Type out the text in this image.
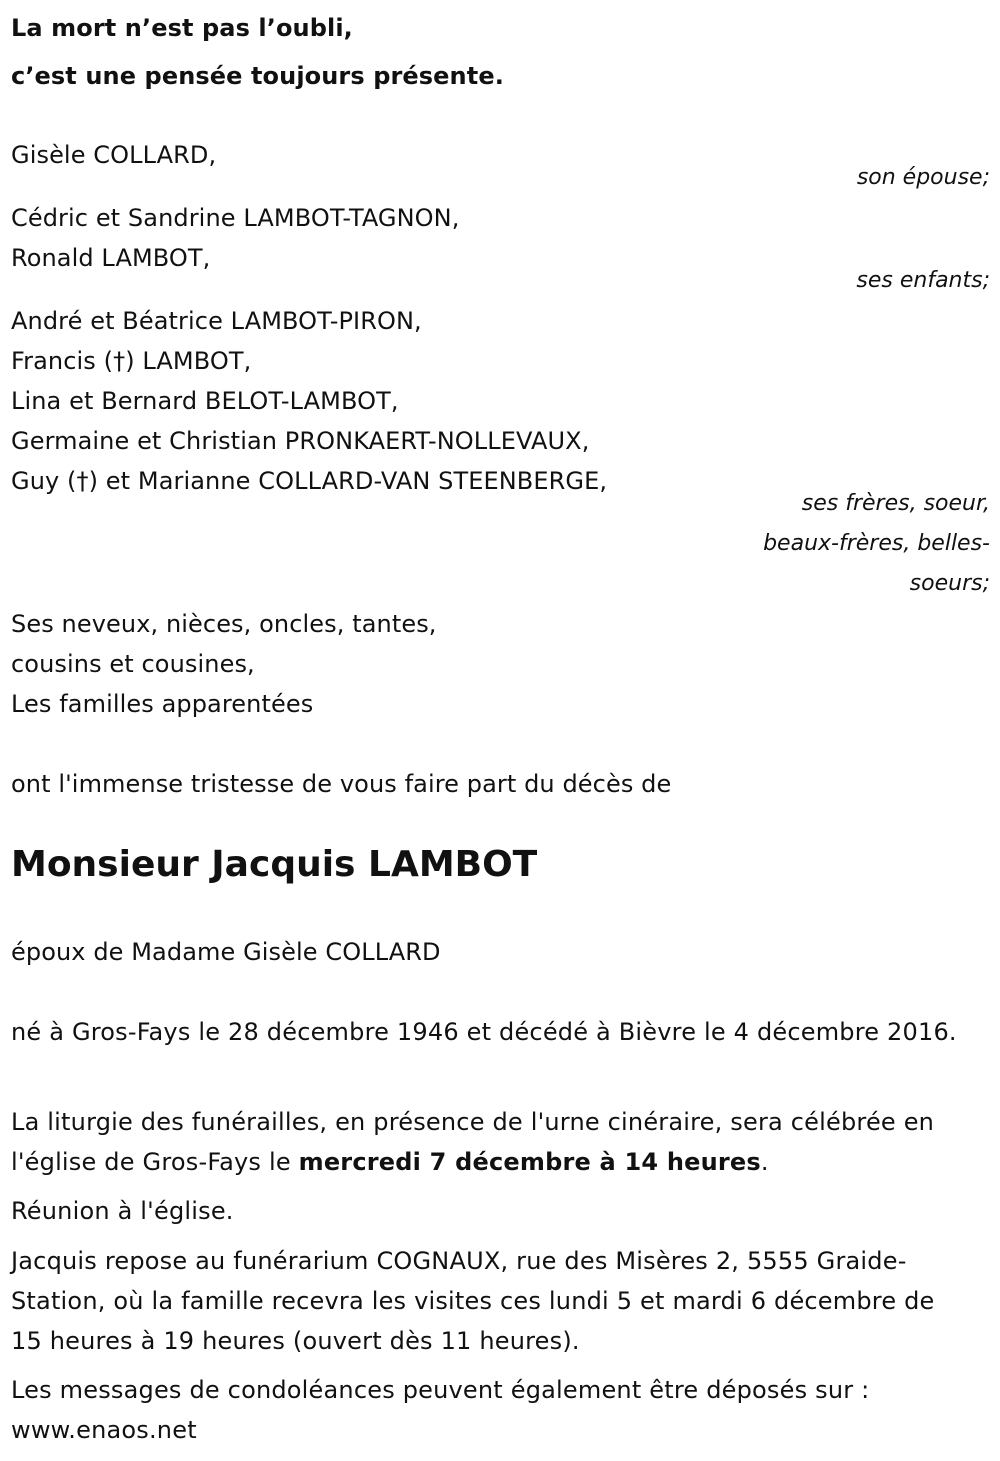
La mort n’est pas l’oubli,
c’est une pensée toujours présente.
Gisèle COLLARD,
son épouse;
Cédric et Sandrine LAMBOT-TAGNON,
Ronald LAMBOT,
ses enfants;
André et Béatrice LAMBOT-PIRON,
Francis (†) LAMBOT,
Lina et Bernard BELOT-LAMBOT,
Germaine et Christian PRONKAERT-NOLLEVAUX,
Guy (†) et Marianne COLLARD-VAN STEENBERGE,
ses frères, soeur,
beaux-frères, belles-
soeurs;
Ses neveux, nièces, oncles, tantes,
cousins et cousines,
Les familles apparentées
ont l'immense tristesse de vous faire part du décès de
Monsieur Jacquis LAMBOT
époux de Madame Gisèle COLLARD
né à Gros-Fays le 28 décembre 1946 et décédé à Bièvre le 4 décembre 2016.
La liturgie des funérailles, en présence de l'urne cinéraire, sera célébrée en l'église de Gros-Fays le mercredi 7 décembre à 14 heures.
Réunion à l'église.
Jacquis repose au funérarium COGNAUX, rue des Misères 2, 5555 Graide-Station, où la famille recevra les visites ces lundi 5 et mardi 6 décembre de 15 heures à 19 heures (ouvert dès 11 heures).
Les messages de condoléances peuvent également être déposés sur : www.enaos.net
